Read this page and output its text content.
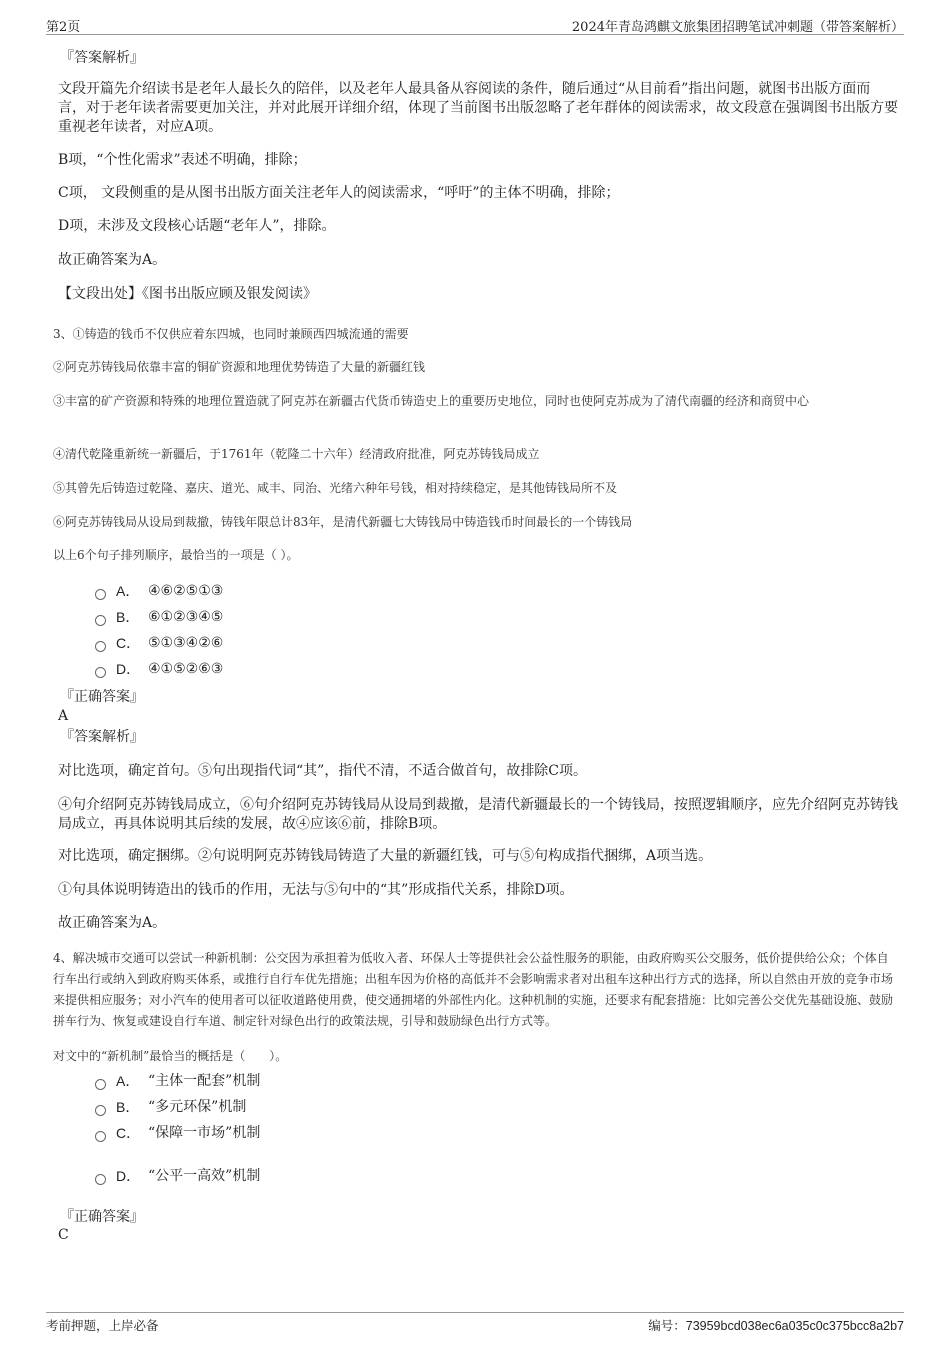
第2页	2024年青岛鸿麒文旅集团招聘笔试冲刺题（带答案解析）

『答案解析』

文段开篇先介绍读书是老年人最长久的陪伴，以及老年人最具备从容阅读的条件，随后通过“从目前看”指出问题，就图书出版方面而言，对于老年读者需要更加关注，并对此展开详细介绍，体现了当前图书出版忽略了老年群体的阅读需求，故文段意在强调图书出版方要重视老年读者，对应A项。

B项，“个性化需求”表述不明确，排除；

C项， 文段侧重的是从图书出版方面关注老年人的阅读需求，“呼吁”的主体不明确，排除；

D项，未涉及文段核心话题“老年人”，排除。

故正确答案为A。

【文段出处】《图书出版应顾及银发阅读》

3、①铸造的钱币不仅供应着东四城，也同时兼顾西四城流通的需要

②阿克苏铸钱局依靠丰富的铜矿资源和地理优势铸造了大量的新疆红钱

③丰富的矿产资源和特殊的地理位置造就了阿克苏在新疆古代货币铸造史上的重要历史地位，同时也使阿克苏成为了清代南疆的经济和商贸中心

④清代乾隆重新统一新疆后，于1761年（乾隆二十六年）经清政府批准，阿克苏铸钱局成立

⑤其曾先后铸造过乾隆、嘉庆、道光、咸丰、同治、光绪六种年号钱，相对持续稳定，是其他铸钱局所不及

⑥阿克苏铸钱局从设局到裁撤，铸钱年限总计83年，是清代新疆七大铸钱局中铸造钱币时间最长的一个铸钱局

以上6个句子排列顺序，最恰当的一项是（ ）。

A． ④⑥②⑤①③
B． ⑥①②③④⑤
C． ⑤①③④②⑥
D． ④①⑤②⑥③

『正确答案』

A

『答案解析』

对比选项，确定首句。⑤句出现指代词“其”，指代不清，不适合做首句，故排除C项。

④句介绍阿克苏铸钱局成立，⑥句介绍阿克苏铸钱局从设局到裁撤，是清代新疆最长的一个铸钱局，按照逻辑顺序，应先介绍阿克苏铸钱局成立，再具体说明其后续的发展，故④应该⑥前，排除B项。

对比选项，确定捆绑。②句说明阿克苏铸钱局铸造了大量的新疆红钱，可与⑤句构成指代捆绑，A项当选。

①句具体说明铸造出的钱币的作用，无法与⑤句中的“其”形成指代关系，排除D项。

故正确答案为A。

4、解决城市交通可以尝试一种新机制：公交因为承担着为低收入者、环保人士等提供社会公益性服务的职能，由政府购买公交服务，低价提供给公众；个体自行车出行或纳入到政府购买体系，或推行自行车优先措施；出租车因为价格的高低并不会影响需求者对出租车这种出行方式的选择，所以自然由开放的竞争市场来提供相应服务；对小汽车的使用者可以征收道路使用费，使交通拥堵的外部性内化。这种机制的实施，还要求有配套措施：比如完善公交优先基础设施、鼓励拼车行为、恢复或建设自行车道、制定针对绿色出行的政策法规，引导和鼓励绿色出行方式等。

对文中的“新机制”最恰当的概括是（　　）。

A． “主体一配套”机制
B． “多元环保”机制
C． “保障一市场”机制
D． “公平一高效”机制

『正确答案』

C

考前押题，上岸必备	编号：73959bcd038ec6a035c0c375bcc8a2b7
